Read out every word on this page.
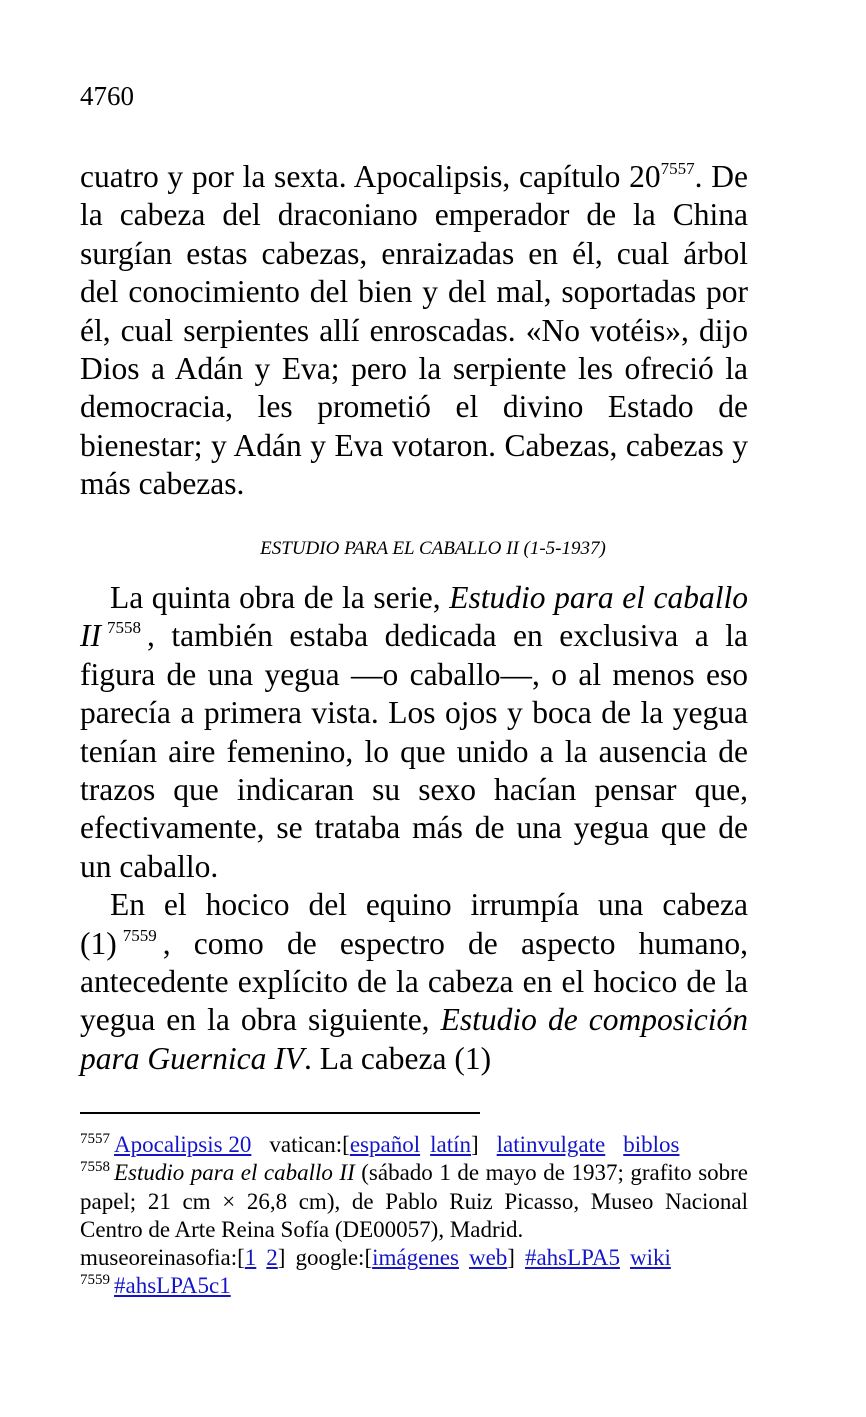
4760

cuatro y por la sexta. Apocalipsis, capítulo 20$^{7557}$. De la cabeza del draconiano emperador de la China surgían estas cabezas, enraizadas en él, cual árbol del conocimiento del bien y del mal, soportadas por él, cual serpientes allí enroscadas. «No votéis», dijo Dios a Adán y Eva; pero la serpiente les ofreció la democracia, les prometió el divino Estado de bienestar; y Adán y Eva votaron. Cabezas, cabezas y más cabezas.

ESTUDIO PARA EL CABALLO II (1-5-1937)

La quinta obra de la serie, Estudio para el caballo II $^{7558}$ , también estaba dedicada en exclusiva a la figura de una yegua —o caballo—, o al menos eso parecía a primera vista. Los ojos y boca de la yegua tenían aire femenino, lo que unido a la ausencia de trazos que indicaran su sexo hacían pensar que, efectivamente, se trataba más de una yegua que de un caballo.

En el hocico del equino irrumpía una cabeza (1) $^{7559}$ , como de espectro de aspecto humano, antecedente explícito de la cabeza en el hocico de la yegua en la obra siguiente, Estudio de composición para Guernica IV. La cabeza (1)

$^{7557}$ Apocalipsis 20 vatican:[español latín] latinvulgate biblos

$^{7558}$ Estudio para el caballo II (sábado 1 de mayo de 1937; grafito sobre papel; 21 cm × 26,8 cm), de Pablo Ruiz Picasso, Museo Nacional Centro de Arte Reina Sofía (DE00057), Madrid.

museoreinasofia:[1 2] google:[imágenes web] #ahsLPA5 wiki

$^{7559}$ #ahsLPA5c1
